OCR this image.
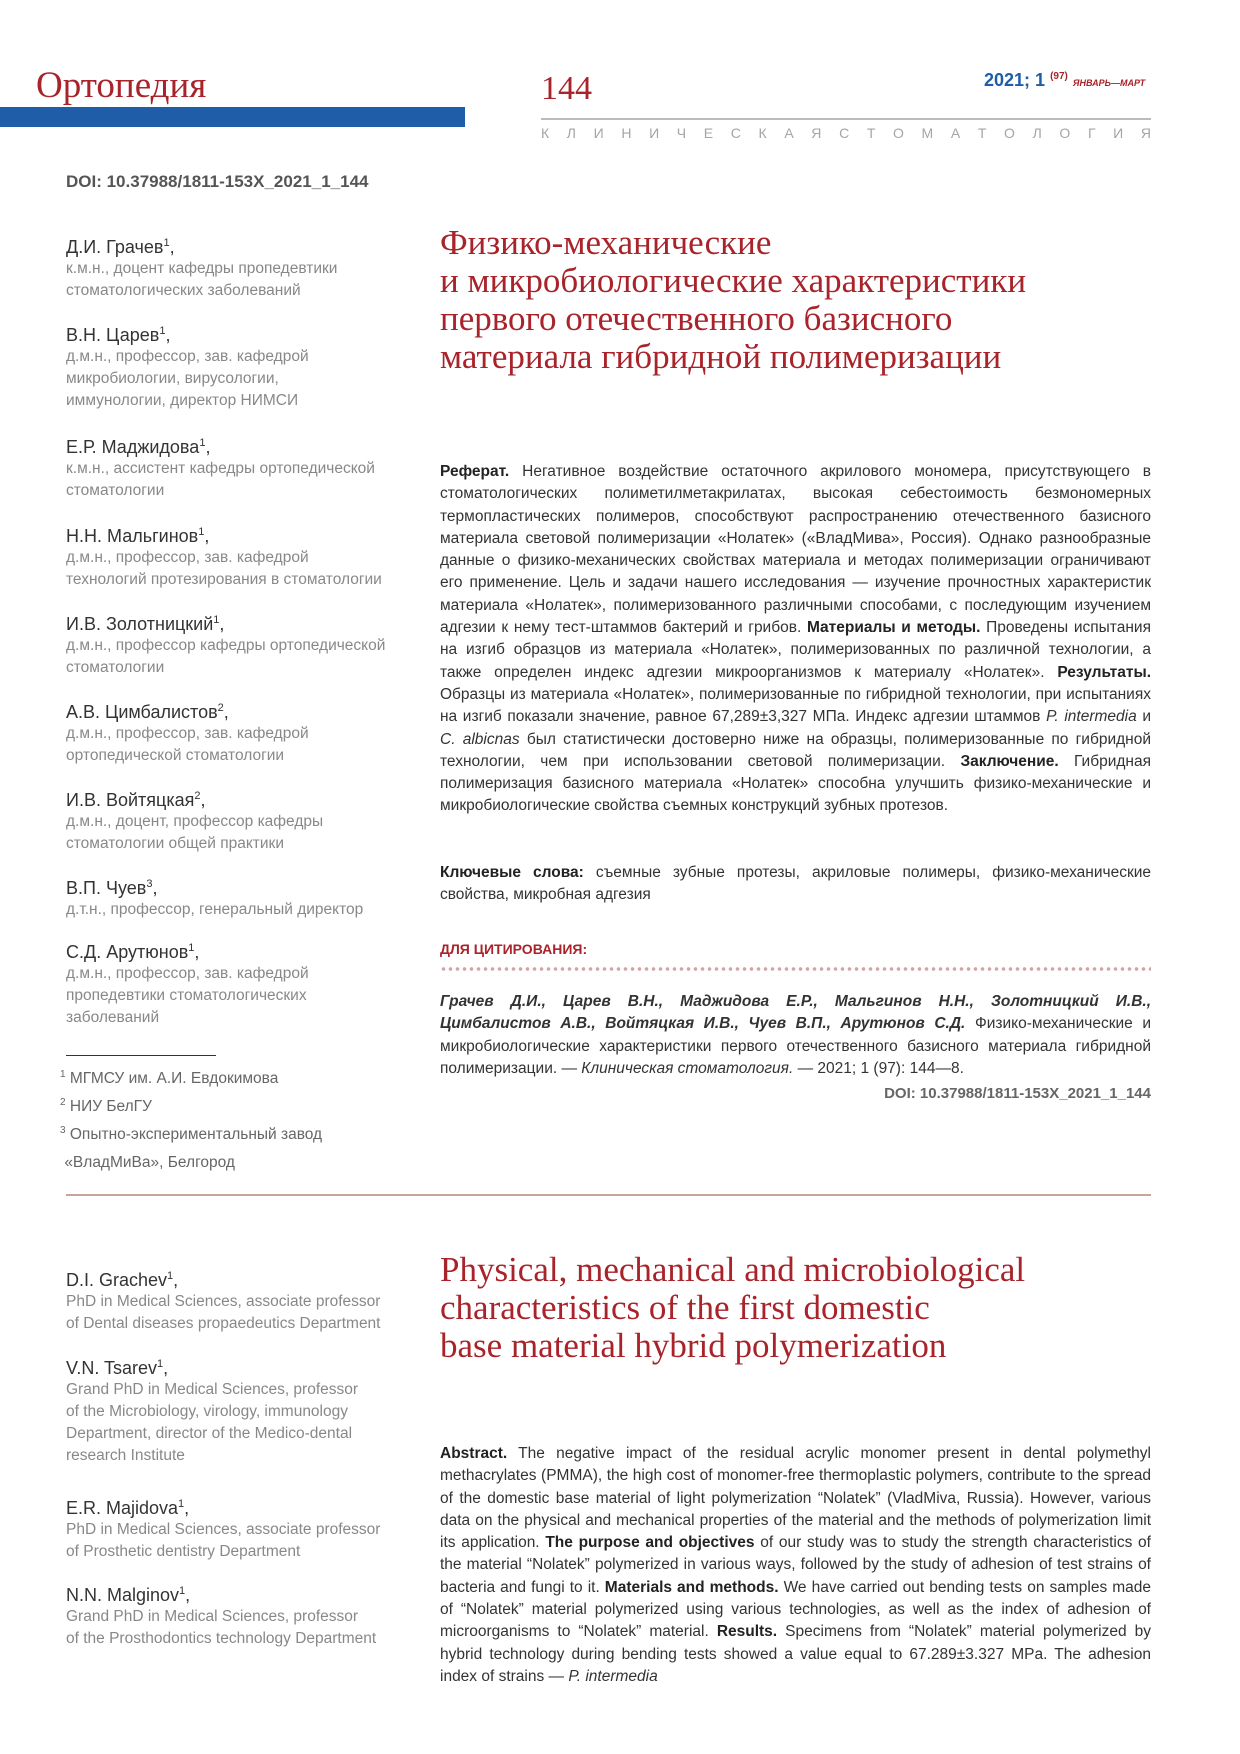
Ортопедия	144	2021; 1 $^{(97)}$ ЯНВАРЬ—МАРТ
К Л И Н И Ч Е С К А Я С Т О М А Т О Л О Г И Я
DOI: 10.37988/1811-153X_2021_1_144
Д.И. Грачев$^1$,
к.м.н., доцент кафедры пропедевтики
стоматологических заболеваний
В.Н. Царев$^1$,
д.м.н., профессор, зав. кафедрой
микробиологии, вирусологии,
иммунологии, директор НИМСИ
Е.Р. Маджидова$^1$,
к.м.н., ассистент кафедры ортопедической
стоматологии
Н.Н. Мальгинов$^1$,
д.м.н., профессор, зав. кафедрой
технологий протезирования в стоматологии
И.В. Золотницкий$^1$,
д.м.н., профессор кафедры ортопедической
стоматологии
А.В. Цимбалистов$^2$,
д.м.н., профессор, зав. кафедрой
ортопедической стоматологии
И.В. Войтяцкая$^2$,
д.м.н., доцент, профессор кафедры
стоматологии общей практики
В.П. Чуев$^3$,
д.т.н., профессор, генеральный директор
С.Д. Арутюнов$^1$,
д.м.н., профессор, зав. кафедрой
пропедевтики стоматологических
заболеваний
$^1$ МГМСУ им. А.И. Евдокимова
$^2$ НИУ БелГУ
$^3$ Опытно-экспериментальный завод
«ВладМиВа», Белгород
Физико-механические
и микробиологические характеристики
первого отечественного базисного
материала гибридной полимеризации
Реферат. Негативное воздействие остаточного акрилового мономера, присутствующего в стоматологических полиметилметакрилатах, высокая себестоимость безмономерных термопластических полимеров, способствуют распространению отечественного базисного материала световой полимеризации «Нолатек» («ВладМива», Россия). Однако разнообразные данные о физико-механических свойствах материала и методах полимеризации ограничивают его применение. Цель и задачи нашего исследования — изучение прочностных характеристик материала «Нолатек», полимеризованного различными способами, с последующим изучением адгезии к нему тест-штаммов бактерий и грибов. Материалы и методы. Проведены испытания на изгиб образцов из материала «Нолатек», полимеризованных по различной технологии, а также определен индекс адгезии микроорганизмов к материалу «Нолатек». Результаты. Образцы из материала «Нолатек», полимеризованные по гибридной технологии, при испытаниях на изгиб показали значение, равное 67,289±3,327 МПа. Индекс адгезии штаммов P. intermedia и C. albicnas был статистически достоверно ниже на образцы, полимеризованные по гибридной технологии, чем при использовании световой полимеризации. Заключение. Гибридная полимеризация базисного материала «Нолатек» способна улучшить физико-механические и микробиологические свойства съемных конструкций зубных протезов.
Ключевые слова: съемные зубные протезы, акриловые полимеры, физико-механические свойства, микробная адгезия
ДЛЯ ЦИТИРОВАНИЯ:
Грачев Д.И., Царев В.Н., Маджидова Е.Р., Мальгинов Н.Н., Золотницкий И.В., Цимбалистов А.В., Войтяцкая И.В., Чуев В.П., Арутюнов С.Д. Физико-механические и микробиологические характеристики первого отечественного базисного материала гибридной полимеризации. — Клиническая стоматология. — 2021; 1 (97): 144—8.
DOI: 10.37988/1811-153X_2021_1_144
D.I. Grachev$^1$,
PhD in Medical Sciences, associate professor
of Dental diseases propaedeutics Department
V.N. Tsarev$^1$,
Grand PhD in Medical Sciences, professor
of the Microbiology, virology, immunology
Department, director of the Medico-dental
research Institute
E.R. Majidova$^1$,
PhD in Medical Sciences, associate professor
of Prosthetic dentistry Department
N.N. Malginov$^1$,
Grand PhD in Medical Sciences, professor
of the Prosthodontics technology Department
Physical, mechanical and microbiological
characteristics of the first domestic
base material hybrid polymerization
Abstract. The negative impact of the residual acrylic monomer present in dental polymethyl methacrylates (PMMA), the high cost of monomer-free thermoplastic polymers, contribute to the spread of the domestic base material of light polymerization “Nolatek” (VladMiva, Russia). However, various data on the physical and mechanical properties of the material and the methods of polymerization limit its application. The purpose and objectives of our study was to study the strength characteristics of the material “Nolatek” polymerized in various ways, followed by the study of adhesion of test strains of bacteria and fungi to it. Materials and methods. We have carried out bending tests on samples made of “Nolatek” material polymerized using various technologies, as well as the index of adhesion of microorganisms to “Nolatek” material. Results. Specimens from “Nolatek” material polymerized by hybrid technology during bending tests showed a value equal to 67.289±3.327 MPa. The adhesion index of strains — P. intermedia
